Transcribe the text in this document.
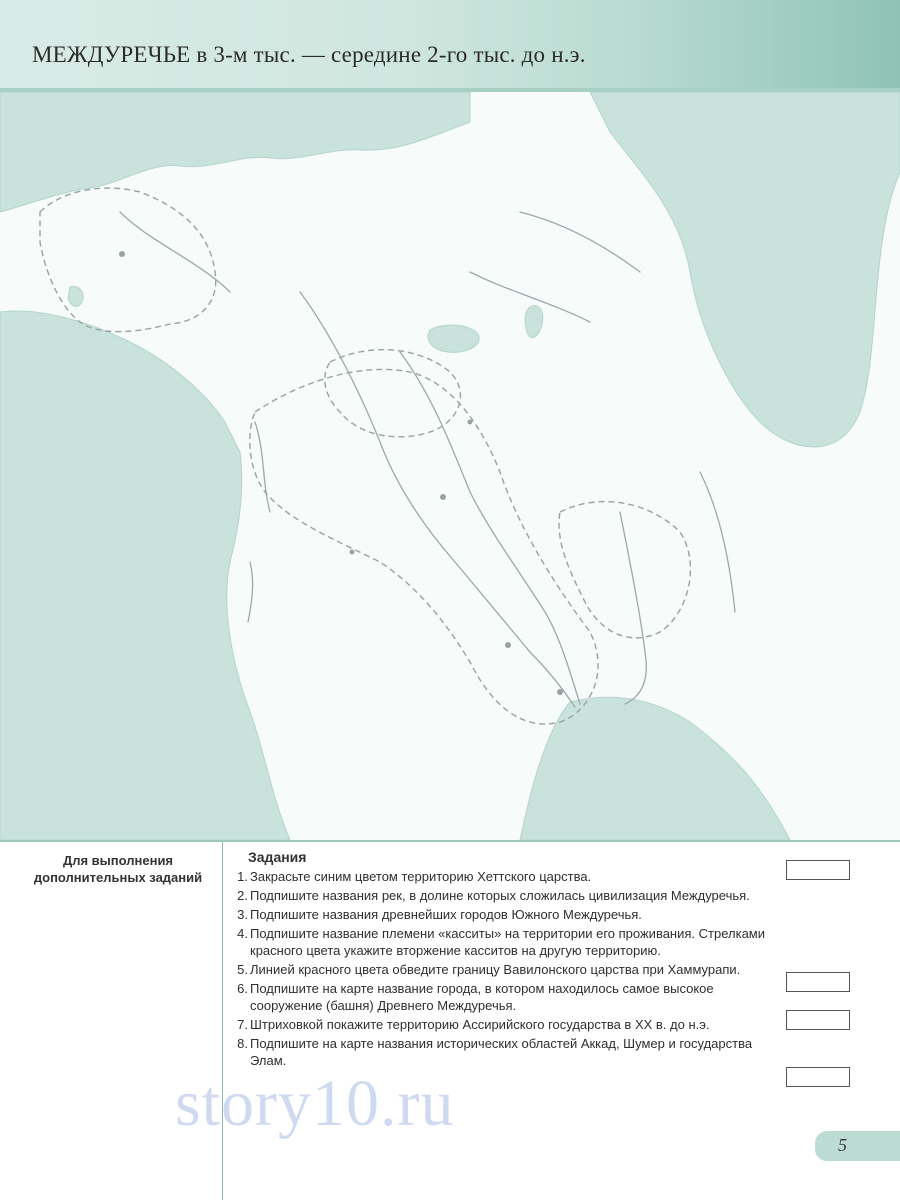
МЕЖДУРЕЧЬЕ в 3-м тыс. — середине 2-го тыс. до н.э.
Для выполнения дополнительных заданий
Задания
1. Закрасьте синим цветом территорию Хеттского царства.
2. Подпишите названия рек, в долине которых сложилась цивилизация Междуречья.
3. Подпишите названия древнейших городов Южного Междуречья.
4. Подпишите название племени «касситы» на территории его проживания. Стрелками красного цвета укажите вторжение касситов на другую территорию.
5. Линией красного цвета обведите границу Вавилонского царства при Хаммурапи.
6. Подпишите на карте название города, в котором находилось самое высокое сооружение (башня) Древнего Междуречья.
7. Штриховкой покажите территорию Ассирийского государства в XX в. до н.э.
8. Подпишите на карте названия исторических областей Аккад, Шумер и государства Элам.
story10.ru
5
